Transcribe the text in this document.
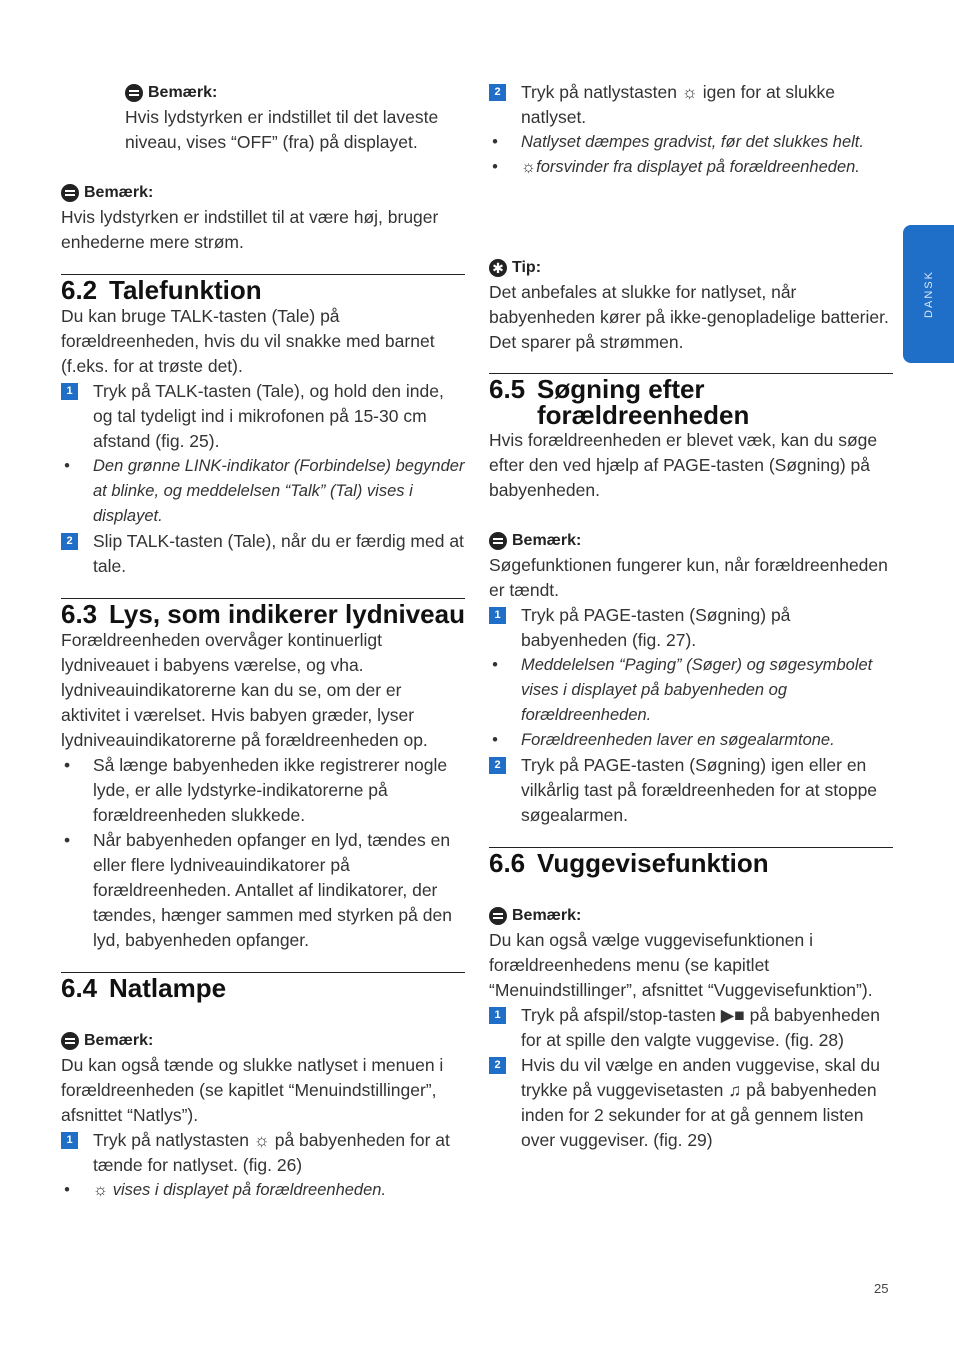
DANSK
Bemærk:
Hvis lydstyrken er indstillet til det laveste niveau, vises “OFF” (fra) på displayet.
Bemærk:
Hvis lydstyrken er indstillet til at være høj, bruger enhederne mere strøm.
6.2 Talefunktion
Du kan bruge TALK-tasten (Tale) på forældreenheden, hvis du vil snakke med barnet (f.eks. for at trøste det).
1	Tryk på TALK-tasten (Tale), og hold den inde, og tal tydeligt ind i mikrofonen på 15-30 cm afstand (fig. 25).
• Den grønne LINK-indikator (Forbindelse) begynder at blinke, og meddelelsen “Talk” (Tal) vises i displayet.
2	Slip TALK-tasten (Tale), når du er færdig med at tale.
6.3 Lys, som indikerer lydniveau
Forældreenheden overvåger kontinuerligt lydniveauet i babyens værelse, og vha. lydniveauindikatorerne kan du se, om der er aktivitet i værelset. Hvis babyen græder, lyser lydniveauindikatorerne på forældreenheden op.
• Så længe babyenheden ikke registrerer nogle lyde, er alle lydstyrke-indikatorerne på forældreenheden slukkede.
• Når babyenheden opfanger en lyd, tændes en eller flere lydniveauindikatorer på forældreenheden. Antallet af lindikatorer, der tændes, hænger sammen med styrken på den lyd, babyenheden opfanger.
6.4 Natlampe
Bemærk:
Du kan også tænde og slukke natlyset i menuen i forældreenheden (se kapitlet “Menuindstillinger”, afsnittet “Natlys”).
1	Tryk på natlystasten ☼ på babyenheden for at tænde for natlyset. (fig. 26)
• ☼ vises i displayet på forældreenheden.
2	Tryk på natlystasten ☼ igen for at slukke natlyset.
• Natlyset dæmpes gradvist, før det slukkes helt.
• ☼forsvinder fra displayet på forældreenheden.
✱ Tip:
Det anbefales at slukke for natlyset, når babyenheden kører på ikke-genopladelige batterier. Det sparer på strømmen.
6.5 Søgning efter forældreenheden
Hvis forældreenheden er blevet væk, kan du søge efter den ved hjælp af PAGE-tasten (Søgning) på babyenheden.
Bemærk:
Søgefunktionen fungerer kun, når forældreenheden er tændt.
1	Tryk på PAGE-tasten (Søgning) på babyenheden (fig. 27).
• Meddelelsen “Paging” (Søger) og søgesymbolet vises i displayet på babyenheden og forældreenheden.
• Forældreenheden laver en søgealarmtone.
2	Tryk på PAGE-tasten (Søgning) igen eller en vilkårlig tast på forældreenheden for at stoppe søgealarmen.
6.6 Vuggevisefunktion
Bemærk:
Du kan også vælge vuggevisefunktionen i forældreenhedens menu (se kapitlet “Menuindstillinger”, afsnittet “Vuggevisefunktion”).
1	Tryk på afspil/stop-tasten ▶■ på babyenheden for at spille den valgte vuggevise. (fig. 28)
2	Hvis du vil vælge en anden vuggevise, skal du trykke på vuggevisetasten ♫ på babyenheden inden for 2 sekunder for at gå gennem listen over vuggeviser. (fig. 29)
25
